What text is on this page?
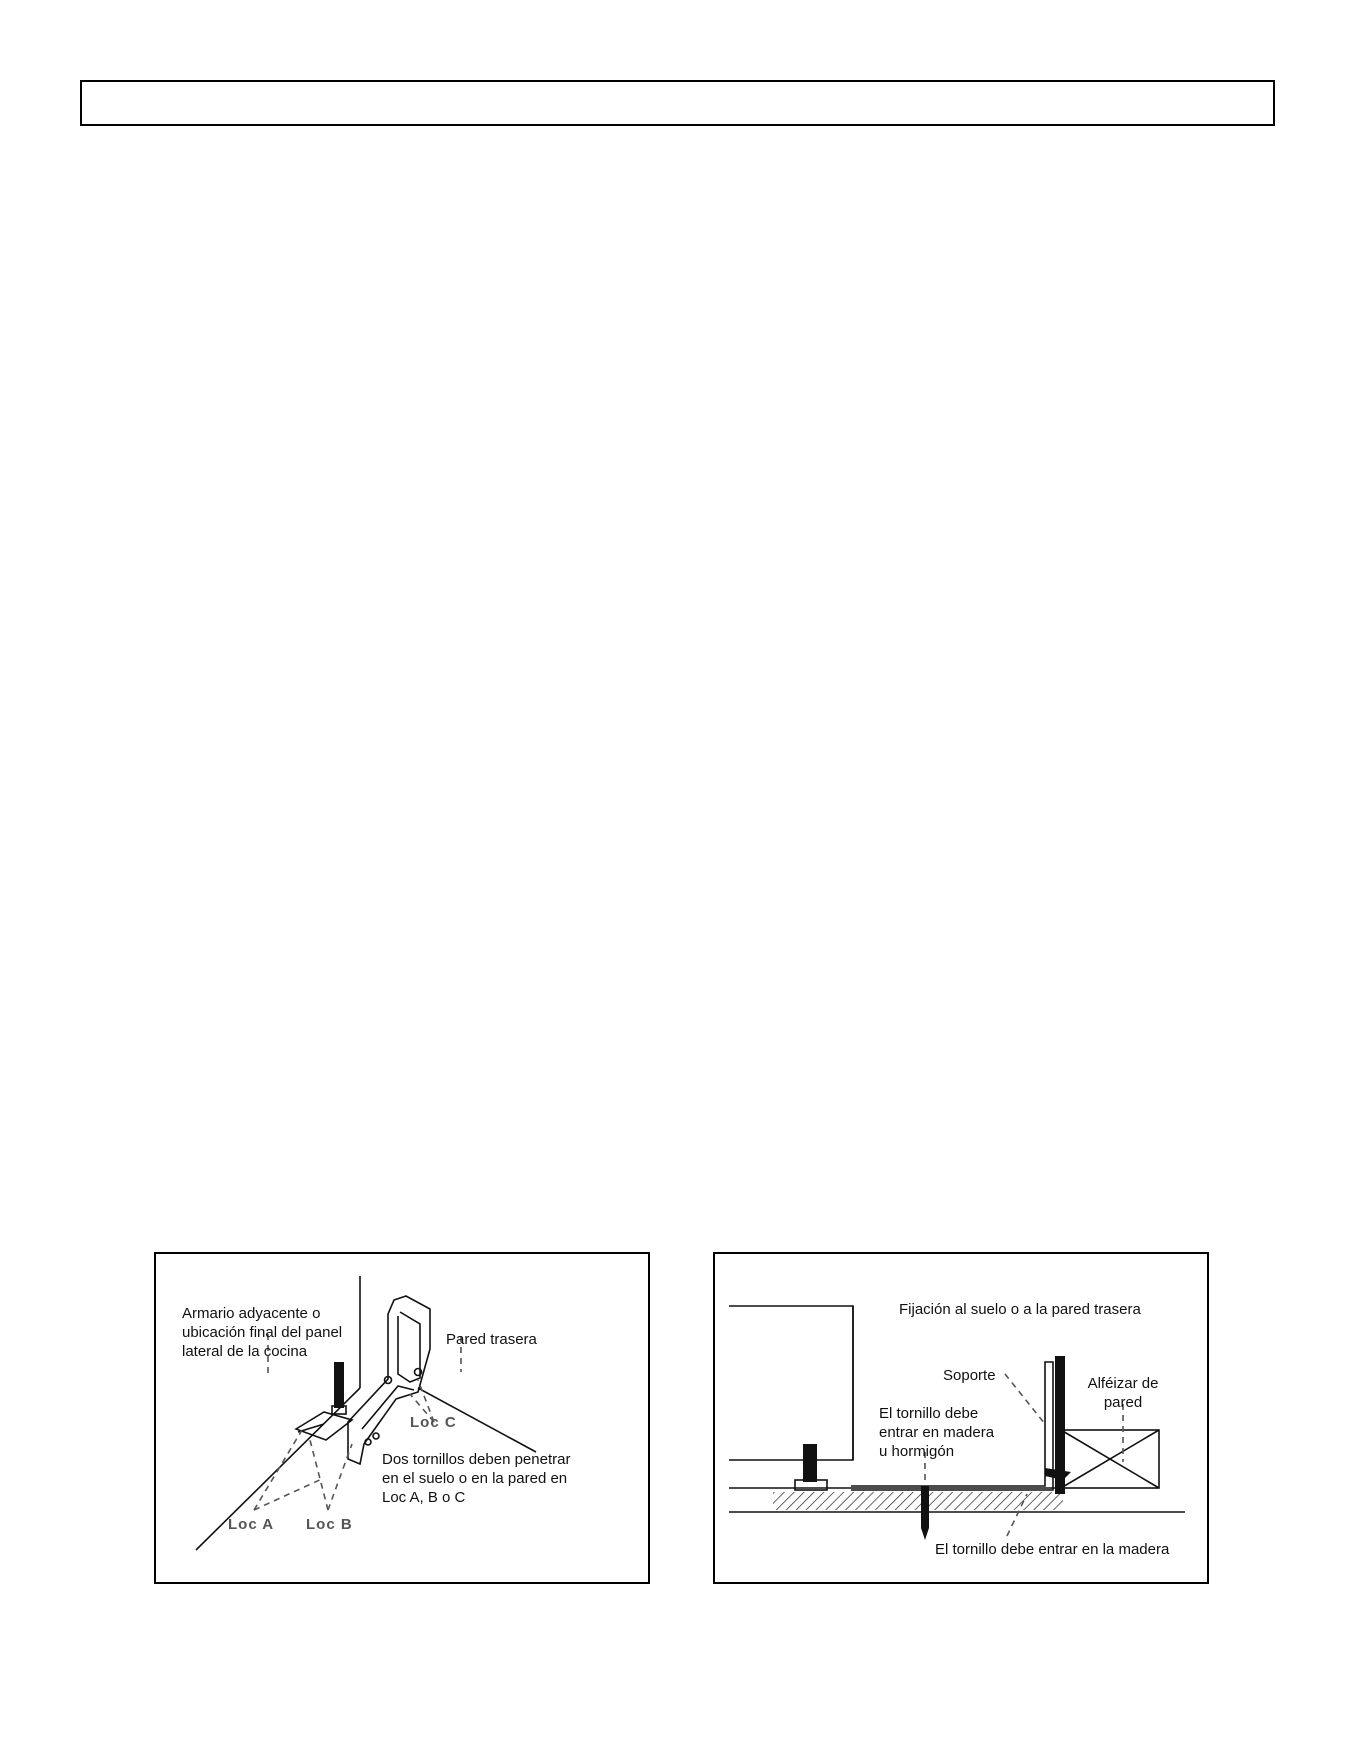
Armario adyacente o
ubicación final del panel
lateral de la cocina
Pared trasera
Dos tornillos deben penetrar
en el suelo o en la pared en
Loc A, B o C
Loc A Loc B
Loc C
Fijación al suelo o a la pared trasera
Soporte	Alféizar de
pared
El tornillo debe
entrar en madera
u hormigón
El tornillo debe entrar en la madera
